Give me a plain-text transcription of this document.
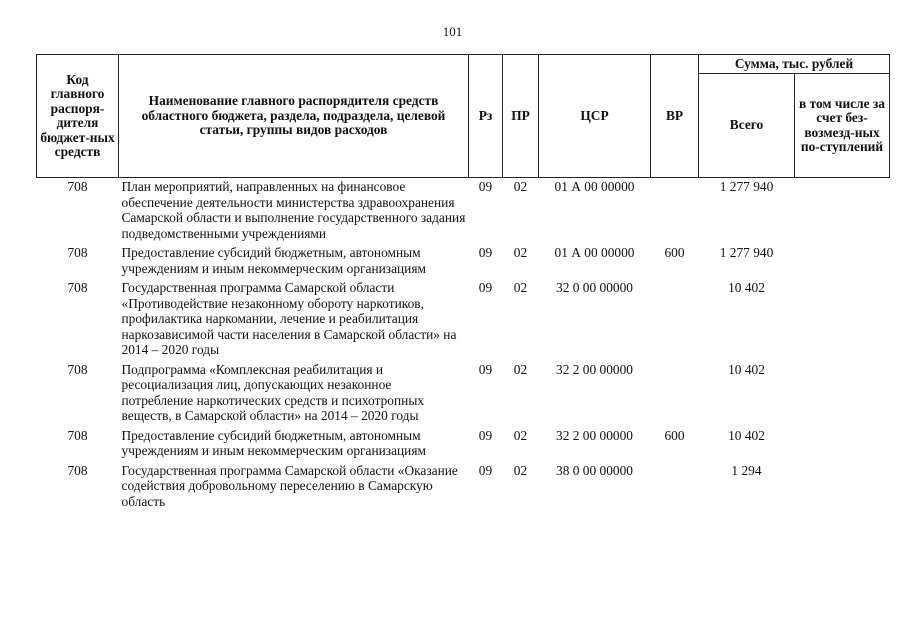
101
Код главного распоря-дителя бюджет-ных средств	Наименование главного распорядителя средств областного бюджета, раздела, подраздела, целевой статьи, группы видов расходов	Рз	ПР	ЦСР	ВР	Сумма, тыс. рублей	
						Всего	в том числе за счет без-возмезд-ных по-ступлений
708	План мероприятий, направленных на финансовое обеспечение деятельности министерства здравоохранения Самарской области и выполнение государственного задания подведомственными учреждениями	09	02	01 А 00 00000		1 277 940	
708	Предоставление субсидий бюджетным, автономным учреждениям и иным некоммерческим организациям	09	02	01 А 00 00000	600	1 277 940	
708	Государственная программа Самарской области «Противодействие незаконному обороту наркотиков, профилактика наркомании, лечение и реабилитация наркозависимой части населения в Самарской области» на 2014 – 2020 годы	09	02	32 0 00 00000		10 402	
708	Подпрограмма «Комплексная реабилитация и ресоциализация лиц, допускающих незаконное потребление наркотических средств и психотропных веществ, в Самарской области» на 2014 – 2020 годы	09	02	32 2 00 00000		10 402	
708	Предоставление субсидий бюджетным, автономным учреждениям и иным некоммерческим организациям	09	02	32 2 00 00000	600	10 402	
708	Государственная программа Самарской области «Оказание содействия добровольному переселению в Самарскую область	09	02	38 0 00 00000		1 294	
